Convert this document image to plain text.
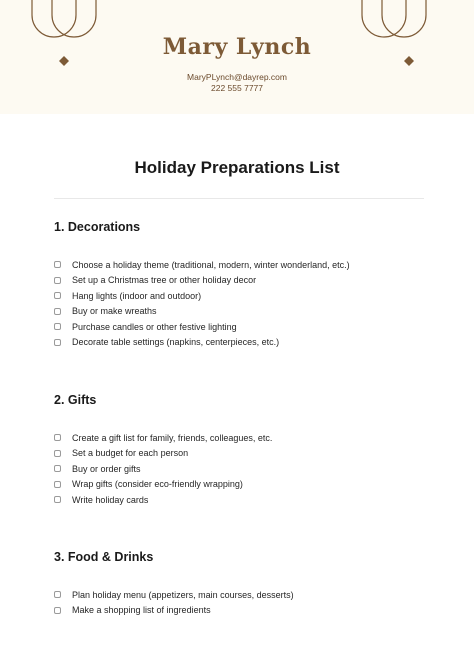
Mary Lynch
MaryPLynch@dayrep.com
222 555 7777
Holiday Preparations List
1. Decorations
Choose a holiday theme (traditional, modern, winter wonderland, etc.)
Set up a Christmas tree or other holiday decor
Hang lights (indoor and outdoor)
Buy or make wreaths
Purchase candles or other festive lighting
Decorate table settings (napkins, centerpieces, etc.)
2. Gifts
Create a gift list for family, friends, colleagues, etc.
Set a budget for each person
Buy or order gifts
Wrap gifts (consider eco-friendly wrapping)
Write holiday cards
3. Food & Drinks
Plan holiday menu (appetizers, main courses, desserts)
Make a shopping list of ingredients
